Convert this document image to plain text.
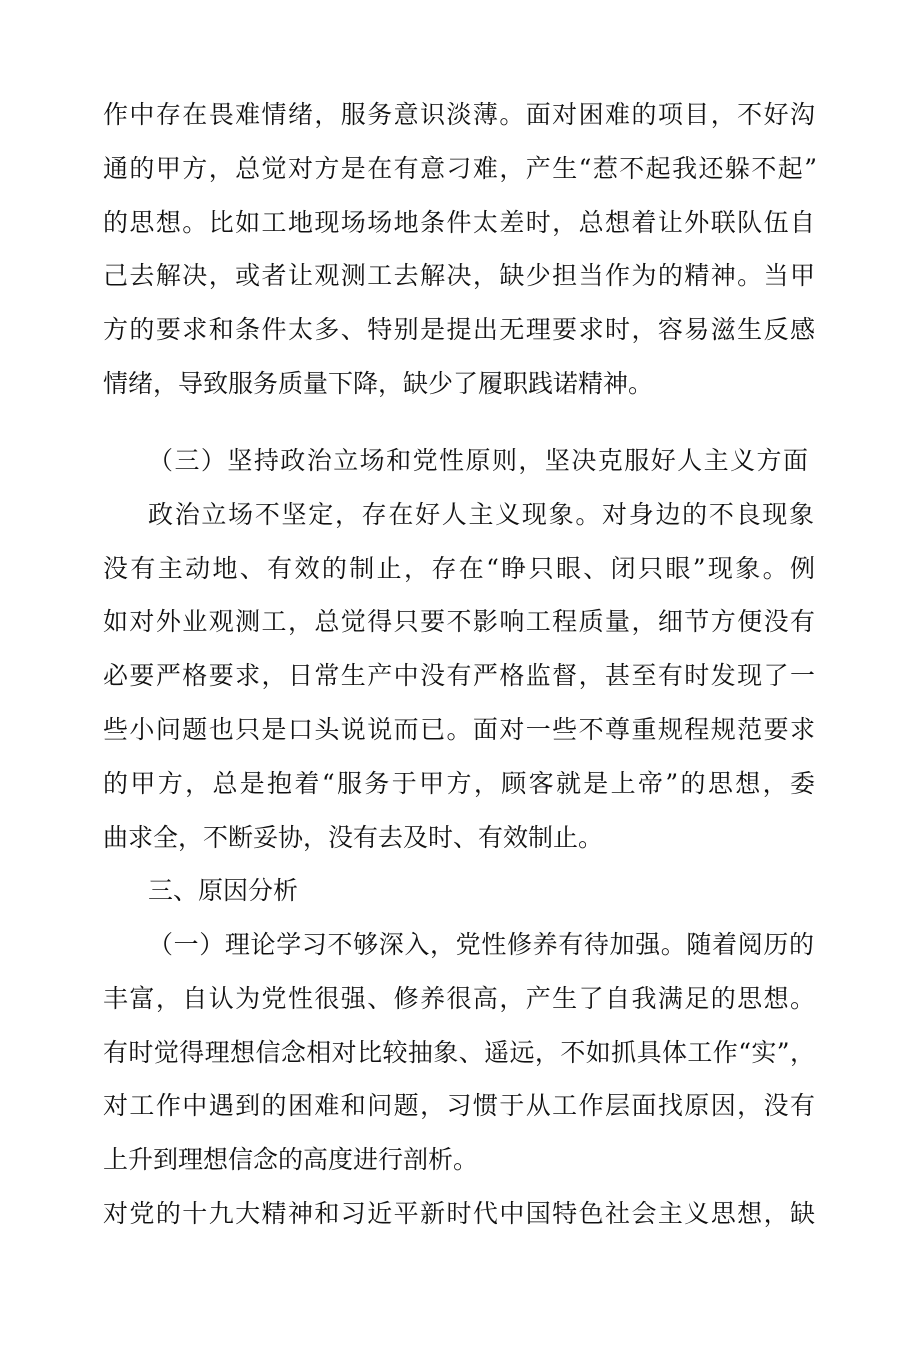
作中存在畏难情绪，服务意识淡薄。面对困难的项目，不好沟
通的甲方，总觉对方是在有意刁难，产生“惹不起我还躲不起”
的思想。比如工地现场场地条件太差时，总想着让外联队伍自
己去解决，或者让观测工去解决，缺少担当作为的精神。当甲
方的要求和条件太多、特别是提出无理要求时，容易滋生反感
情绪，导致服务质量下降，缺少了履职践诺精神。
（三）坚持政治立场和党性原则，坚决克服好人主义方面
政治立场不坚定，存在好人主义现象。对身边的不良现象
没有主动地、有效的制止，存在“睁只眼、闭只眼”现象。例
如对外业观测工，总觉得只要不影响工程质量，细节方便没有
必要严格要求，日常生产中没有严格监督，甚至有时发现了一
些小问题也只是口头说说而已。面对一些不尊重规程规范要求
的甲方，总是抱着“服务于甲方，顾客就是上帝”的思想，委
曲求全，不断妥协，没有去及时、有效制止。
三、原因分析
（一）理论学习不够深入，党性修养有待加强。随着阅历的
丰富，自认为党性很强、修养很高，产生了自我满足的思想。
有时觉得理想信念相对比较抽象、遥远，不如抓具体工作“实”，
对工作中遇到的困难和问题，习惯于从工作层面找原因，没有
上升到理想信念的高度进行剖析。
对党的十九大精神和习近平新时代中国特色社会主义思想，缺
